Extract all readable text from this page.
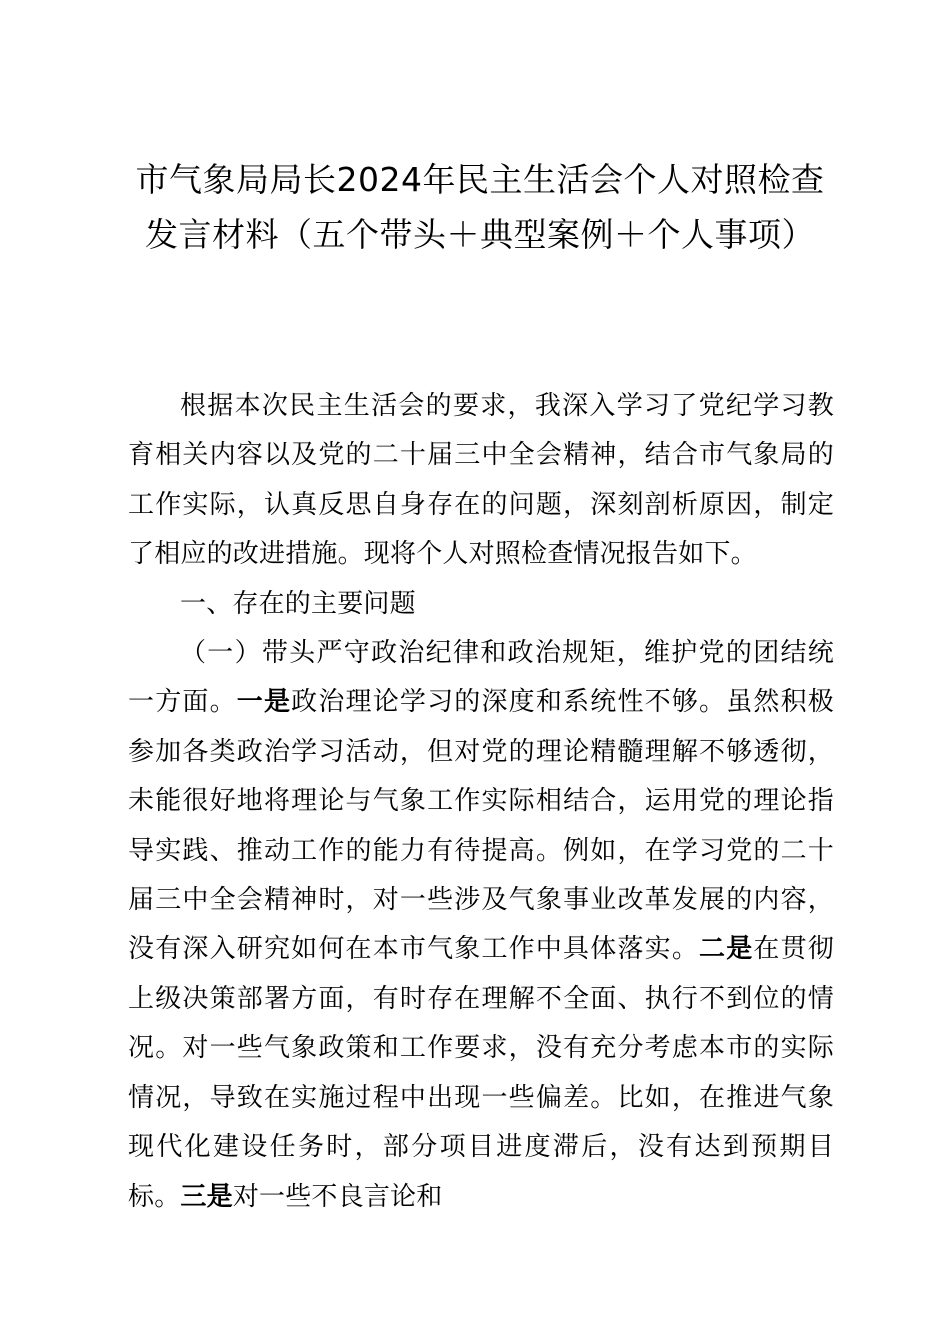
市气象局局长2024年民主生活会个人对照检查发言材料（五个带头＋典型案例＋个人事项）

根据本次民主生活会的要求，我深入学习了党纪学习教育相关内容以及党的二十届三中全会精神，结合市气象局的工作实际，认真反思自身存在的问题，深刻剖析原因，制定了相应的改进措施。现将个人对照检查情况报告如下。

一、存在的主要问题

（一）带头严守政治纪律和政治规矩，维护党的团结统一方面。一是政治理论学习的深度和系统性不够。虽然积极参加各类政治学习活动，但对党的理论精髓理解不够透彻，未能很好地将理论与气象工作实际相结合，运用党的理论指导实践、推动工作的能力有待提高。例如，在学习党的二十届三中全会精神时，对一些涉及气象事业改革发展的内容，没有深入研究如何在本市气象工作中具体落实。二是在贯彻上级决策部署方面，有时存在理解不全面、执行不到位的情况。对一些气象政策和工作要求，没有充分考虑本市的实际情况，导致在实施过程中出现一些偏差。比如，在推进气象现代化建设任务时，部分项目进度滞后，没有达到预期目标。三是对一些不良言论和
